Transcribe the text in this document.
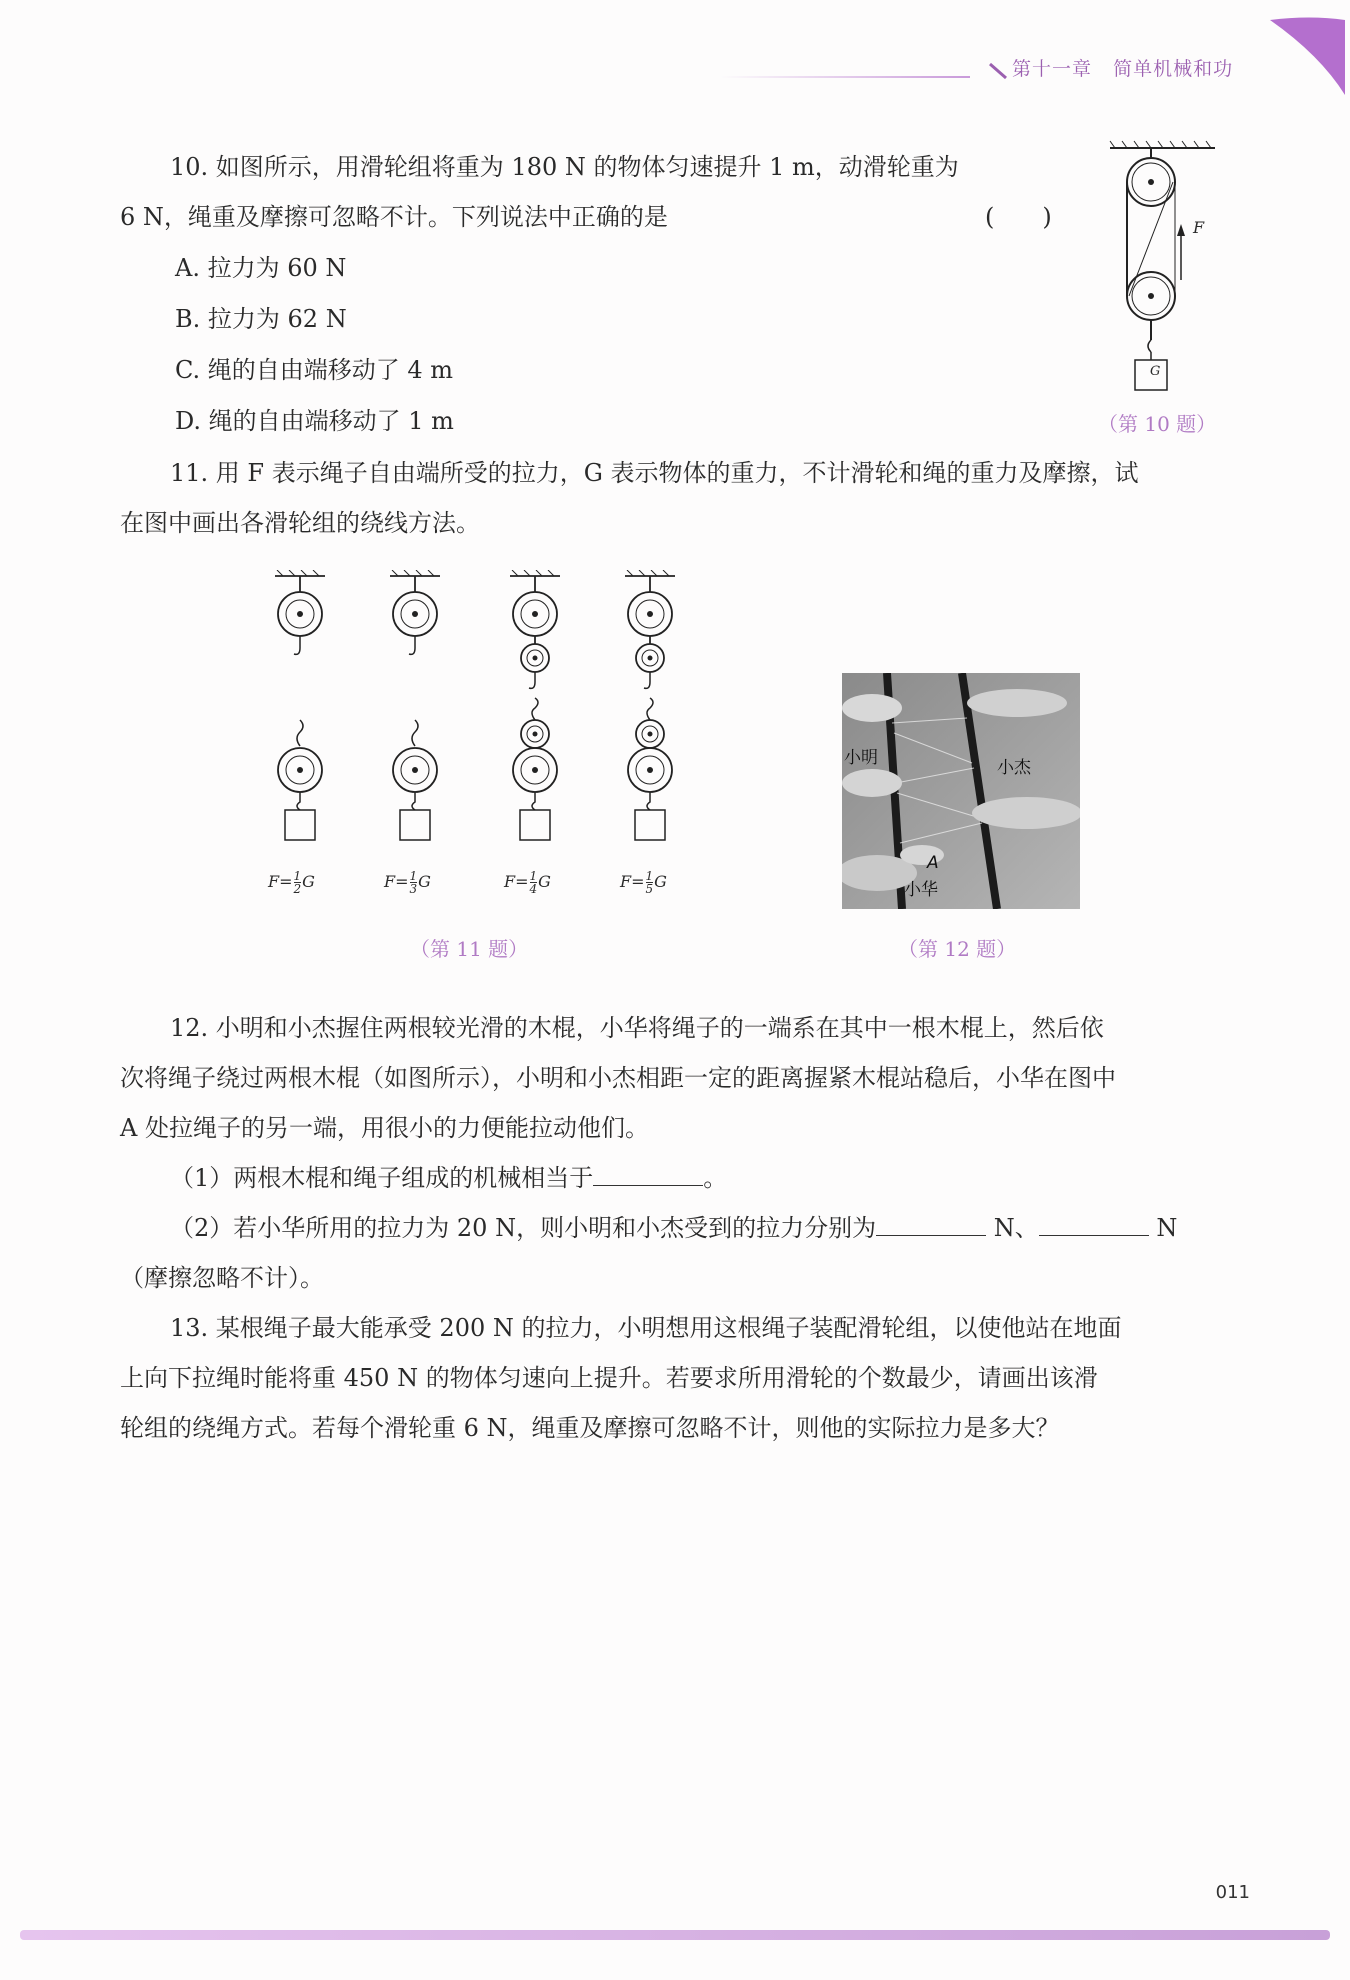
第十一章 简单机械和功
10. 如图所示，用滑轮组将重为 180 N 的物体匀速提升 1 m，动滑轮重为
6 N，绳重及摩擦可忽略不计。下列说法中正确的是	(　　)
A. 拉力为 60 N
B. 拉力为 62 N
C. 绳的自由端移动了 4 m
D. 绳的自由端移动了 1 m
F
G
（第 10 题）
11. 用 F 表示绳子自由端所受的拉力，G 表示物体的重力，不计滑轮和绳的重力及摩擦，试
在图中画出各滑轮组的绕线方法。
$F= \frac{1}{2}$ G	$F= \frac{1}{3}$ G	$F= \frac{1}{4}$ G	$F= \frac{1}{5}$ G
（第 11 题）
小明	小杰
A
小华
（第 12 题）
12. 小明和小杰握住两根较光滑的木棍，小华将绳子的一端系在其中一根木棍上，然后依
次将绳子绕过两根木棍（如图所示），小明和小杰相距一定的距离握紧木棍站稳后，小华在图中
A 处拉绳子的另一端，用很小的力便能拉动他们。
（1）两根木棍和绳子组成的机械相当于	。
（2）若小华所用的拉力为 20 N，则小明和小杰受到的拉力分别为	N、	N
（摩擦忽略不计）。
13. 某根绳子最大能承受 200 N 的拉力，小明想用这根绳子装配滑轮组，以使他站在地面
上向下拉绳时能将重 450 N 的物体匀速向上提升。若要求所用滑轮的个数最少，请画出该滑
轮组的绕绳方式。若每个滑轮重 6 N，绳重及摩擦可忽略不计，则他的实际拉力是多大？
011
